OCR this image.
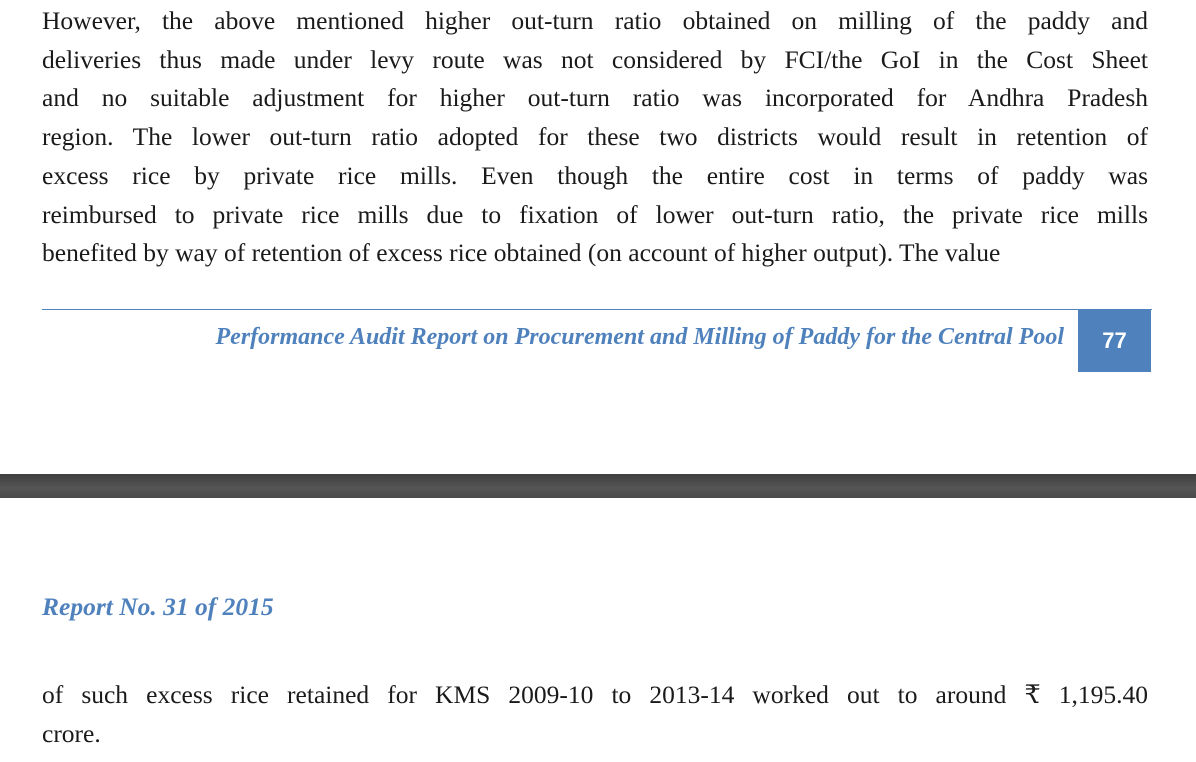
However, the above mentioned higher out-turn ratio obtained on milling of the paddy and
deliveries thus made under levy route was not considered by FCI/the GoI in the Cost Sheet
and no suitable adjustment for higher out-turn ratio was incorporated for Andhra Pradesh
region. The lower out-turn ratio adopted for these two districts would result in retention of
excess rice by private rice mills. Even though the entire cost in terms of paddy was
reimbursed to private rice mills due to fixation of lower out-turn ratio, the private rice mills
benefited by way of retention of excess rice obtained (on account of higher output). The value

Performance Audit Report on Procurement and Milling of Paddy for the Central Pool	77
Report No. 31 of 2015

of such excess rice retained for KMS 2009-10 to 2013-14 worked out to around ₹ 1,195.40
crore.
